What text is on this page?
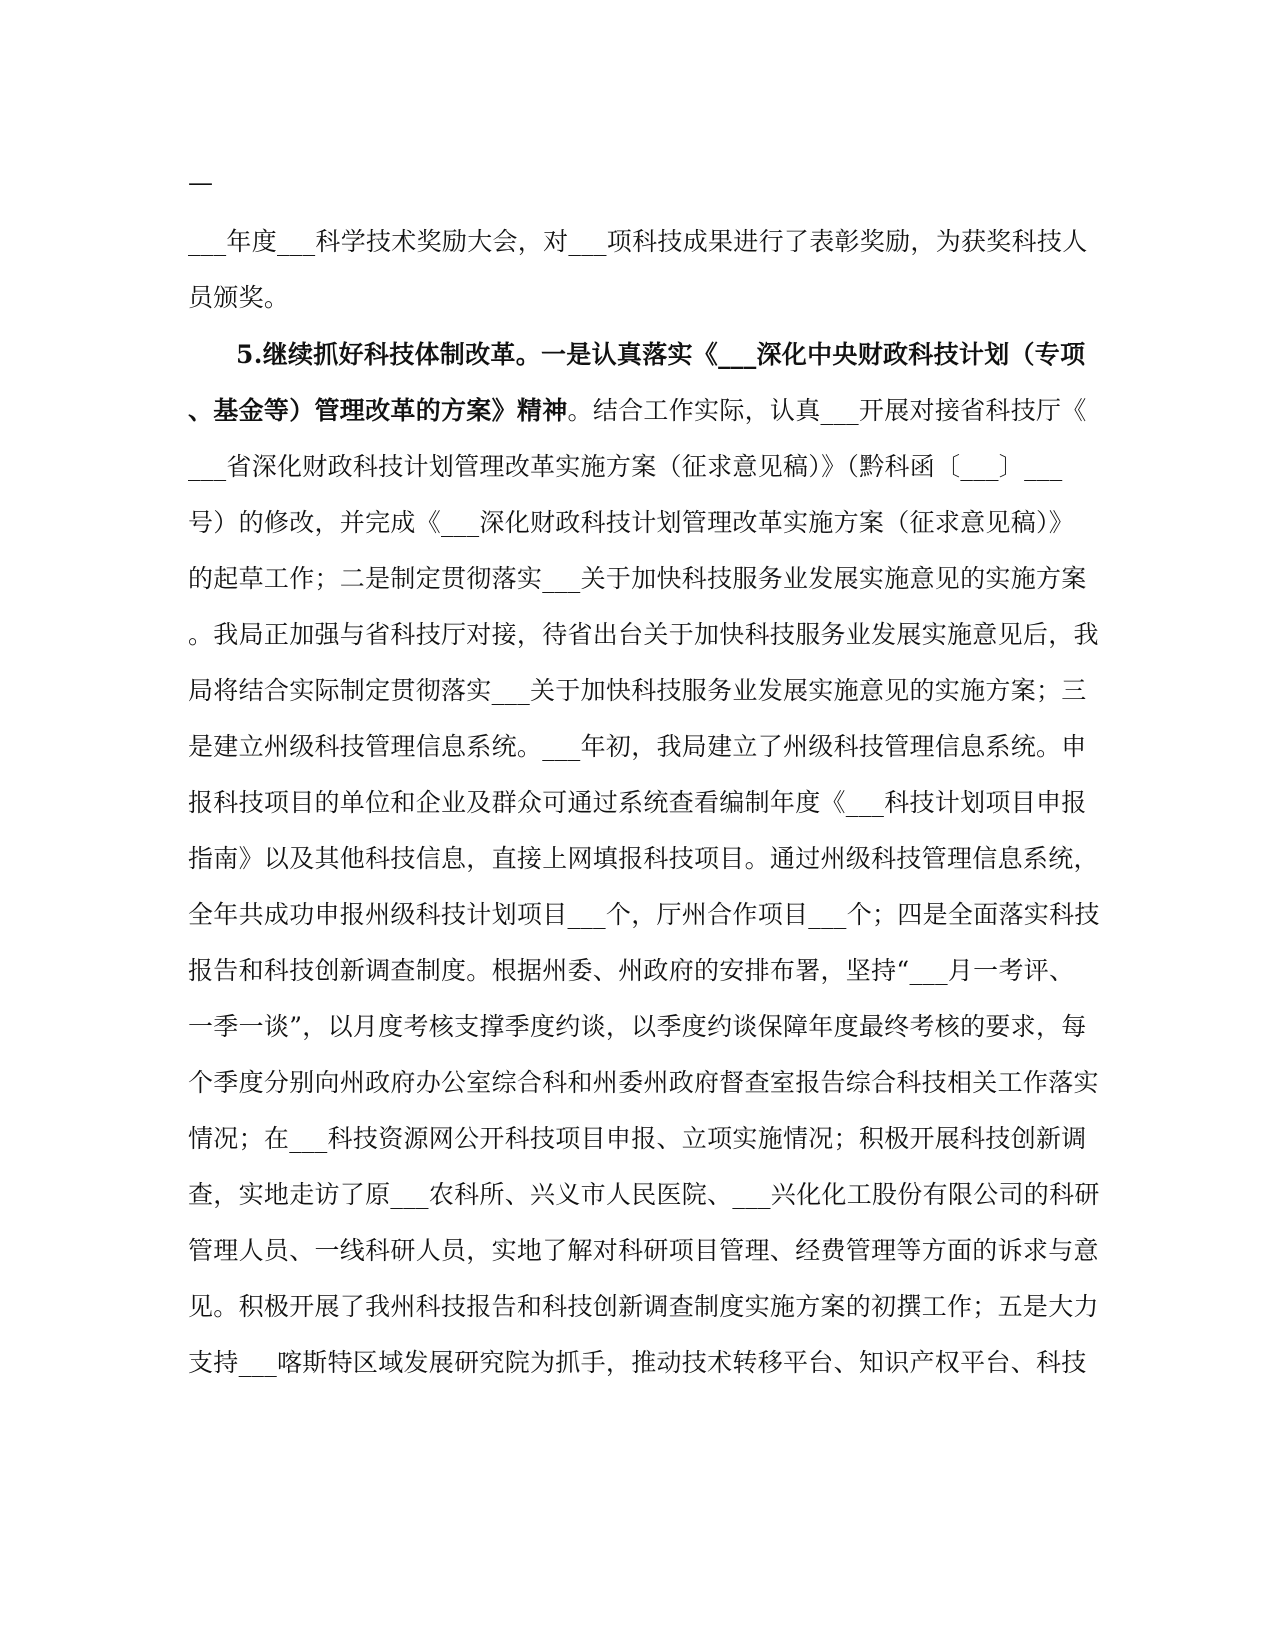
—
___年度___科学技术奖励大会，对___项科技成果进行了表彰奖励，为获奖科技人
员颁奖。
5.继续抓好科技体制改革。一是认真落实《___深化中央财政科技计划（专项
、基金等）管理改革的方案》精神。结合工作实际，认真___开展对接省科技厅《
___省深化财政科技计划管理改革实施方案（征求意见稿）》（黔科函〔___〕___
号）的修改，并完成《___深化财政科技计划管理改革实施方案（征求意见稿）》
的起草工作；二是制定贯彻落实___关于加快科技服务业发展实施意见的实施方案
。我局正加强与省科技厅对接，待省出台关于加快科技服务业发展实施意见后，我
局将结合实际制定贯彻落实___关于加快科技服务业发展实施意见的实施方案；三
是建立州级科技管理信息系统。___年初，我局建立了州级科技管理信息系统。申
报科技项目的单位和企业及群众可通过系统查看编制年度《___科技计划项目申报
指南》以及其他科技信息，直接上网填报科技项目。通过州级科技管理信息系统，
全年共成功申报州级科技计划项目___个，厅州合作项目___个；四是全面落实科技
报告和科技创新调查制度。根据州委、州政府的安排布署，坚持“___月一考评、
一季一谈”，以月度考核支撑季度约谈，以季度约谈保障年度最终考核的要求，每
个季度分别向州政府办公室综合科和州委州政府督查室报告综合科技相关工作落实
情况；在___科技资源网公开科技项目申报、立项实施情况；积极开展科技创新调
查，实地走访了原___农科所、兴义市人民医院、___兴化化工股份有限公司的科研
管理人员、一线科研人员，实地了解对科研项目管理、经费管理等方面的诉求与意
见。积极开展了我州科技报告和科技创新调查制度实施方案的初撰工作；五是大力
支持___喀斯特区域发展研究院为抓手，推动技术转移平台、知识产权平台、科技
